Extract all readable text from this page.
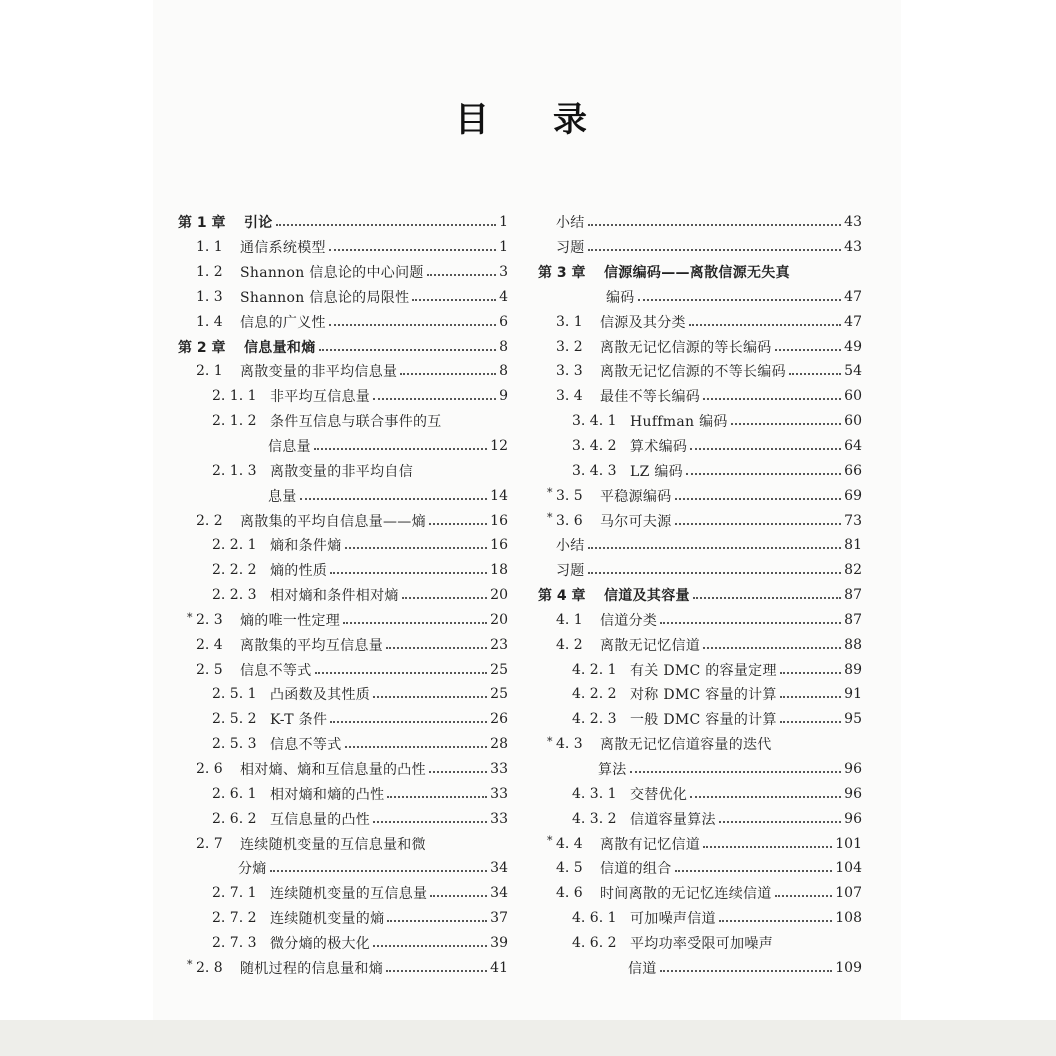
目 录
第 1 章	引论	1
1. 1	通信系统模型	1
1. 2	Shannon 信息论的中心问题	3
1. 3	Shannon 信息论的局限性	4
1. 4	信息的广义性	6
第 2 章	信息量和熵	8
2. 1	离散变量的非平均信息量	8
2. 1. 1 非平均互信息量	9
2. 1. 2 条件互信息与联合事件的互
信息量	12
2. 1. 3 离散变量的非平均自信
息量	14
2. 2	离散集的平均自信息量——熵	16
2. 2. 1 熵和条件熵	16
2. 2. 2 熵的性质	18
2. 2. 3 相对熵和条件相对熵	20
* 2. 3	熵的唯一性定理	20
2. 4	离散集的平均互信息量	23
2. 5	信息不等式	25
2. 5. 1 凸函数及其性质	25
2. 5. 2 K-T 条件	26
2. 5. 3 信息不等式	28
2. 6	相对熵、熵和互信息量的凸性	33
2. 6. 1 相对熵和熵的凸性	33
2. 6. 2 互信息量的凸性	33
2. 7	连续随机变量的互信息量和微
分熵	34
2. 7. 1 连续随机变量的互信息量	34
2. 7. 2 连续随机变量的熵	37
2. 7. 3 微分熵的极大化	39
* 2. 8	随机过程的信息量和熵	41
小结	43
习题	43
第 3 章	信源编码——离散信源无失真
编码	47
3. 1	信源及其分类	47
3. 2	离散无记忆信源的等长编码	49
3. 3	离散无记忆信源的不等长编码	54
3. 4	最佳不等长编码	60
3. 4. 1 Huffman 编码	60
3. 4. 2 算术编码	64
3. 4. 3 LZ 编码	66
* 3. 5	平稳源编码	69
* 3. 6	马尔可夫源	73
小结	81
习题	82
第 4 章	信道及其容量	87
4. 1	信道分类	87
4. 2	离散无记忆信道	88
4. 2. 1 有关 DMC 的容量定理	89
4. 2. 2 对称 DMC 容量的计算	91
4. 2. 3 一般 DMC 容量的计算	95
* 4. 3	离散无记忆信道容量的迭代
算法	96
4. 3. 1 交替优化	96
4. 3. 2 信道容量算法	96
* 4. 4	离散有记忆信道	101
4. 5	信道的组合	104
4. 6	时间离散的无记忆连续信道	107
4. 6. 1 可加噪声信道	108
4. 6. 2 平均功率受限可加噪声
信道	109
